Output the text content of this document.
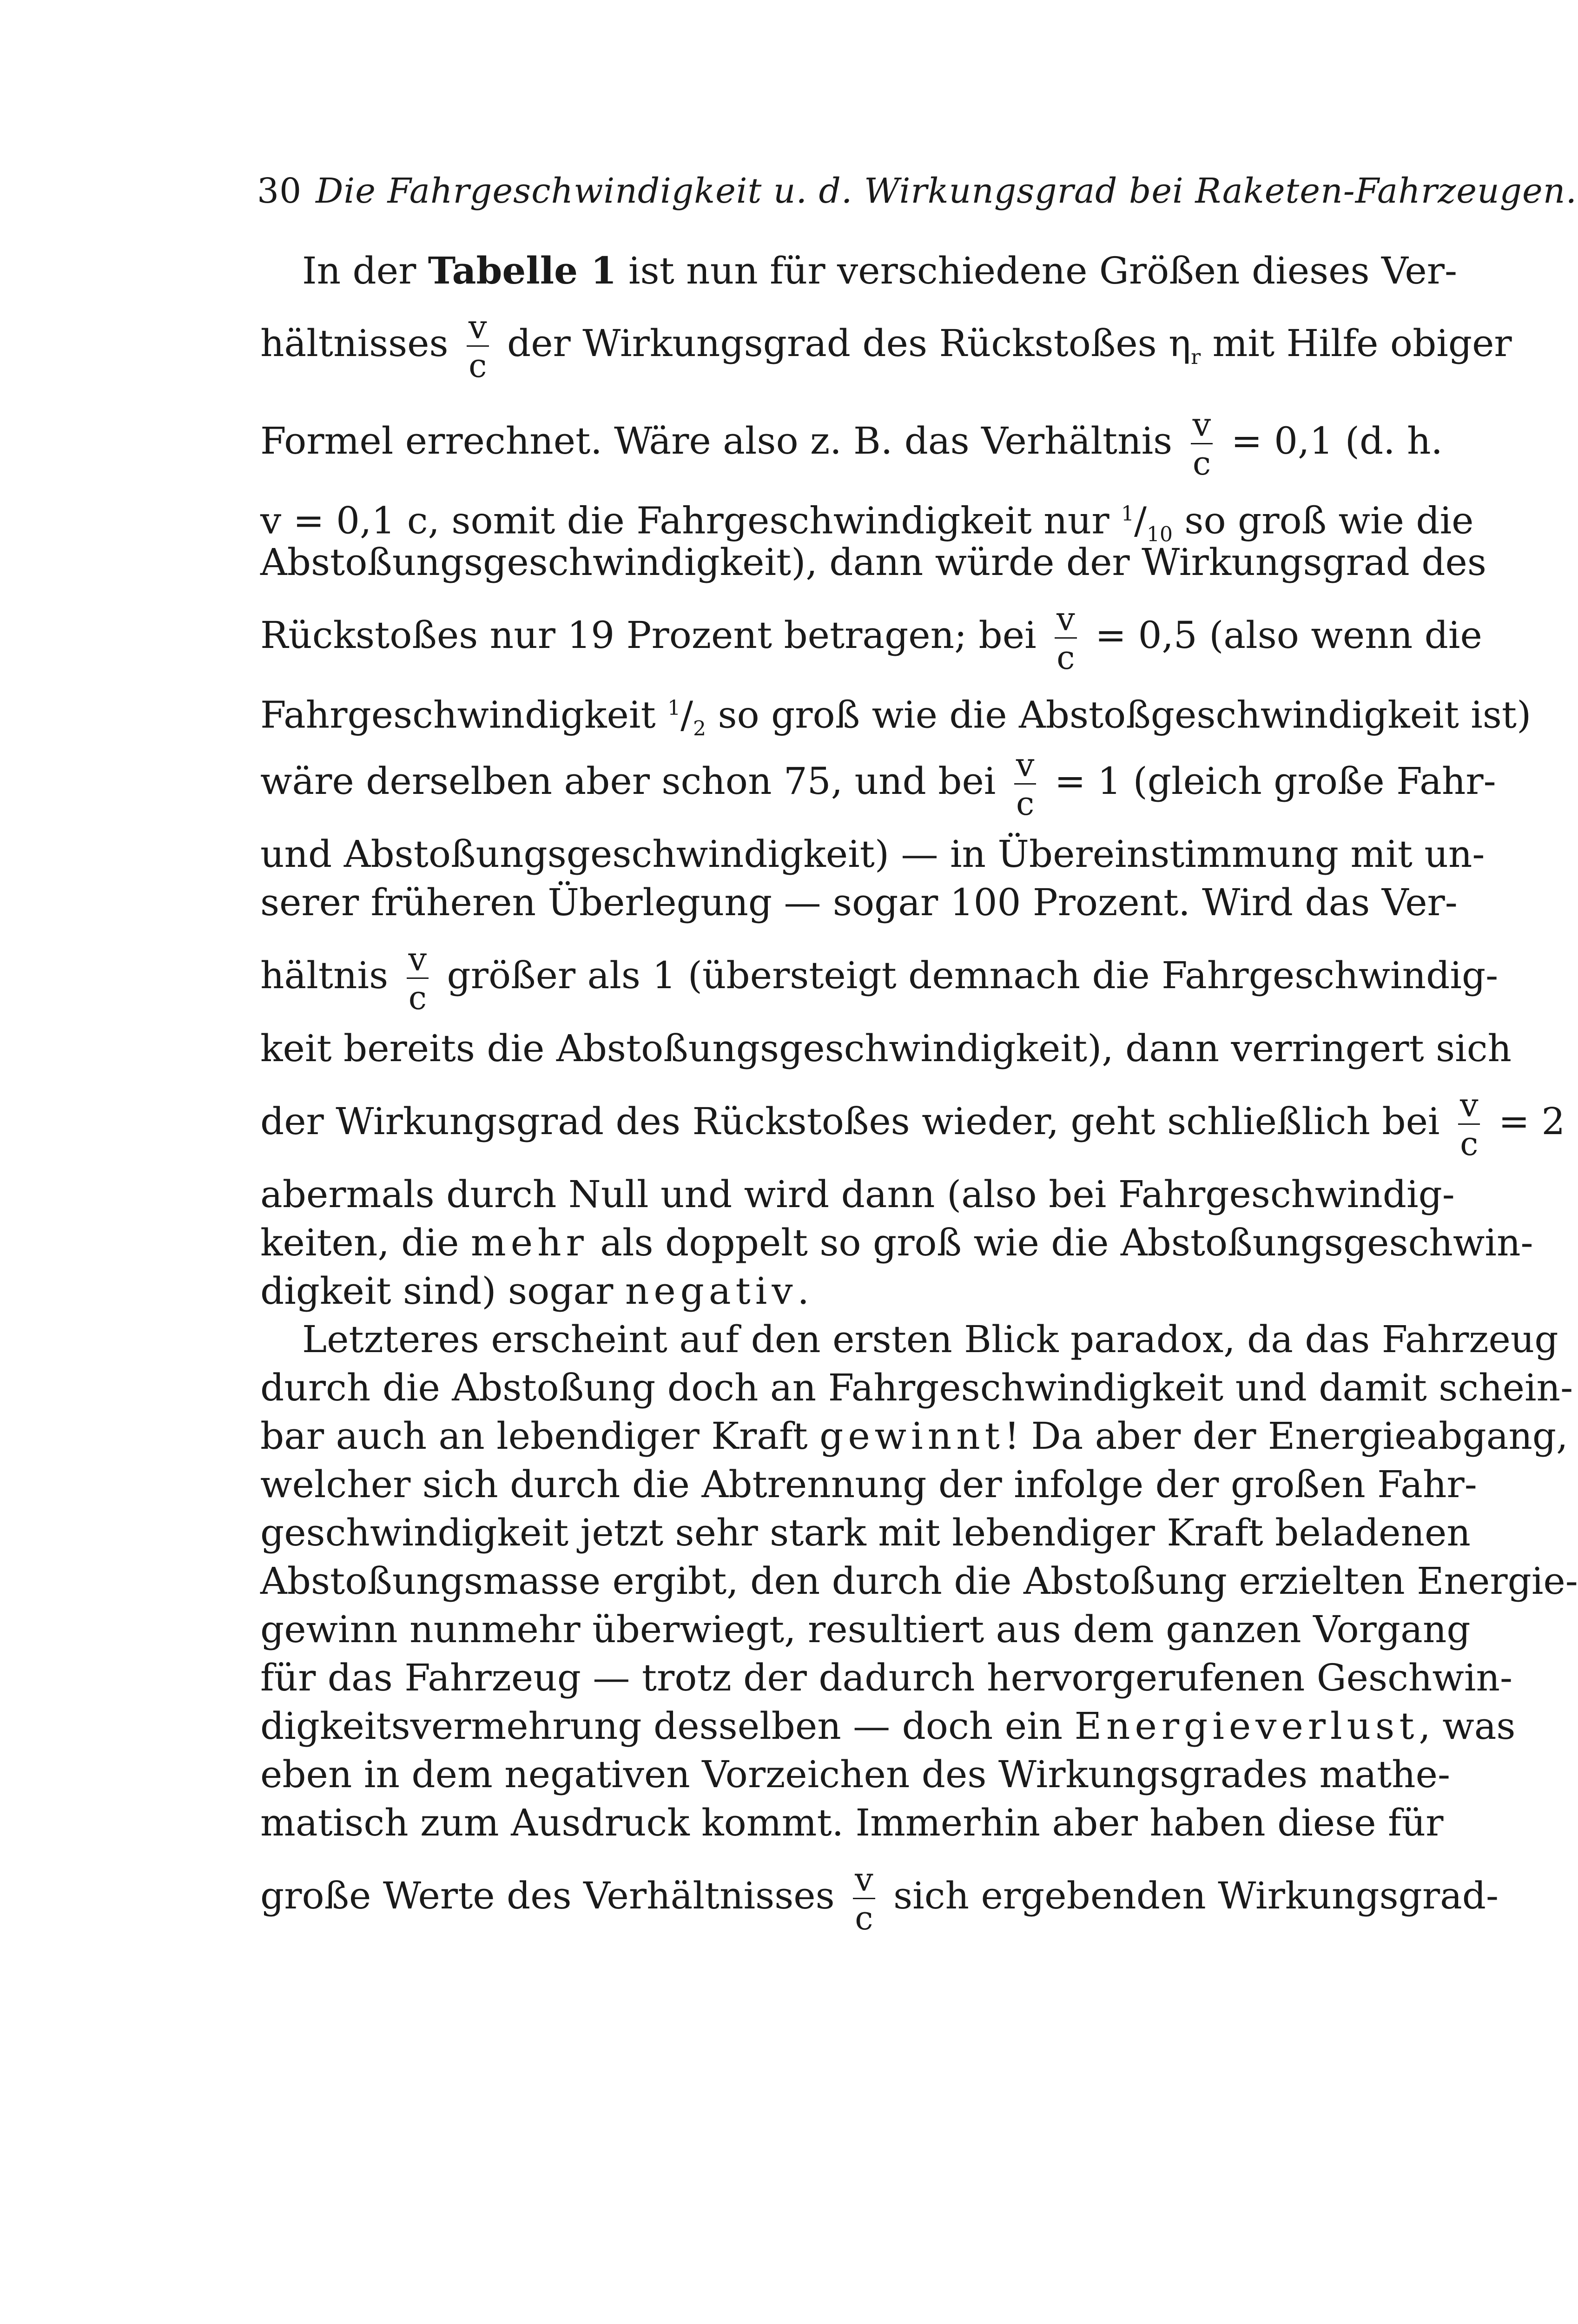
30 Die Fahrgeschwindigkeit u. d. Wirkungsgrad bei Raketen-Fahrzeugen.
In der Tabelle 1 ist nun für verschiedene Größen dieses Ver-
hältnisses $\frac{v}{c}$ der Wirkungsgrad des Rückstoßes $\eta_r$ mit Hilfe obiger
Formel errechnet. Wäre also z. B. das Verhältnis $\frac{v}{c} = 0,1$ (d. h.
v = 0,1 c, somit die Fahrgeschwindigkeit nur $^1/_{10}$ so groß wie die
Abstoßungsgeschwindigkeit), dann würde der Wirkungsgrad des
Rückstoßes nur 19 Prozent betragen; bei $\frac{v}{c} = 0,5$ (also wenn die
Fahrgeschwindigkeit $^1/_2$ so groß wie die Abstoßgeschwindigkeit ist)
wäre derselben aber schon 75, und bei $\frac{v}{c} = 1$ (gleich große Fahr-
und Abstoßungsgeschwindigkeit) — in Übereinstimmung mit un-
serer früheren Überlegung — sogar 100 Prozent. Wird das Ver-
hältnis $\frac{v}{c}$ größer als 1 (übersteigt demnach die Fahrgeschwindig-
keit bereits die Abstoßungsgeschwindigkeit), dann verringert sich
der Wirkungsgrad des Rückstoßes wieder, geht schließlich bei $\frac{v}{c} = 2$
abermals durch Null und wird dann (also bei Fahrgeschwindig-
keiten, die mehr als doppelt so groß wie die Abstoßungsgeschwin-
digkeit sind) sogar negativ.
Letzteres erscheint auf den ersten Blick paradox, da das Fahrzeug
durch die Abstoßung doch an Fahrgeschwindigkeit und damit schein-
bar auch an lebendiger Kraft gewinnt! Da aber der Energieabgang,
welcher sich durch die Abtrennung der infolge der großen Fahr-
geschwindigkeit jetzt sehr stark mit lebendiger Kraft beladenen
Abstoßungsmasse ergibt, den durch die Abstoßung erzielten Energie-
gewinn nunmehr überwiegt, resultiert aus dem ganzen Vorgang
für das Fahrzeug — trotz der dadurch hervorgerufenen Geschwin-
digkeitsvermehrung desselben — doch ein Energieverlust, was
eben in dem negativen Vorzeichen des Wirkungsgrades mathe-
matisch zum Ausdruck kommt. Immerhin aber haben diese für
große Werte des Verhältnisses $\frac{v}{c}$ sich ergebenden Wirkungsgrad-
